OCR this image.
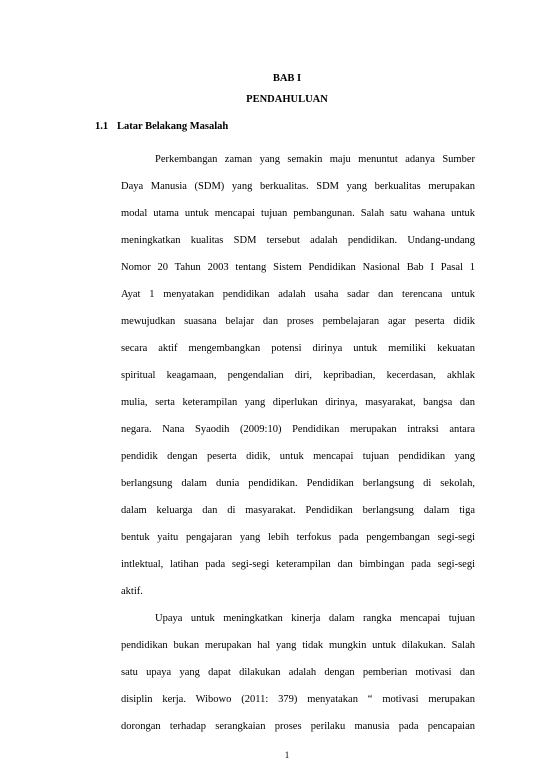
BAB I
PENDAHULUAN
1.1 Latar Belakang Masalah
Perkembangan zaman yang semakin maju menuntut adanya Sumber
Daya Manusia (SDM) yang berkualitas. SDM yang berkualitas merupakan
modal utama untuk mencapai tujuan pembangunan. Salah satu wahana untuk
meningkatkan kualitas SDM tersebut adalah pendidikan. Undang-undang
Nomor 20 Tahun 2003 tentang Sistem Pendidikan Nasional Bab I Pasal 1
Ayat 1 menyatakan pendidikan adalah usaha sadar dan terencana untuk
mewujudkan suasana belajar dan proses pembelajaran agar peserta didik
secara aktif mengembangkan potensi dirinya untuk memiliki kekuatan
spiritual keagamaan, pengendalian diri, kepribadian, kecerdasan, akhlak
mulia, serta keterampilan yang diperlukan dirinya, masyarakat, bangsa dan
negara. Nana Syaodih (2009:10) Pendidikan merupakan intraksi antara
pendidik dengan peserta didik, untuk mencapai tujuan pendidikan yang
berlangsung dalam dunia pendidikan. Pendidikan berlangsung di sekolah,
dalam keluarga dan di masyarakat. Pendidikan berlangsung dalam tiga
bentuk yaitu pengajaran yang lebih terfokus pada pengembangan segi-segi
intlektual, latihan pada segi-segi keterampilan dan bimbingan pada segi-segi
aktif.
Upaya untuk meningkatkan kinerja dalam rangka mencapai tujuan
pendidikan bukan merupakan hal yang tidak mungkin untuk dilakukan. Salah
satu upaya yang dapat dilakukan adalah dengan pemberian motivasi dan
disiplin kerja. Wibowo (2011: 379) menyatakan “ motivasi merupakan
dorongan terhadap serangkaian proses perilaku manusia pada pencapaian
1
